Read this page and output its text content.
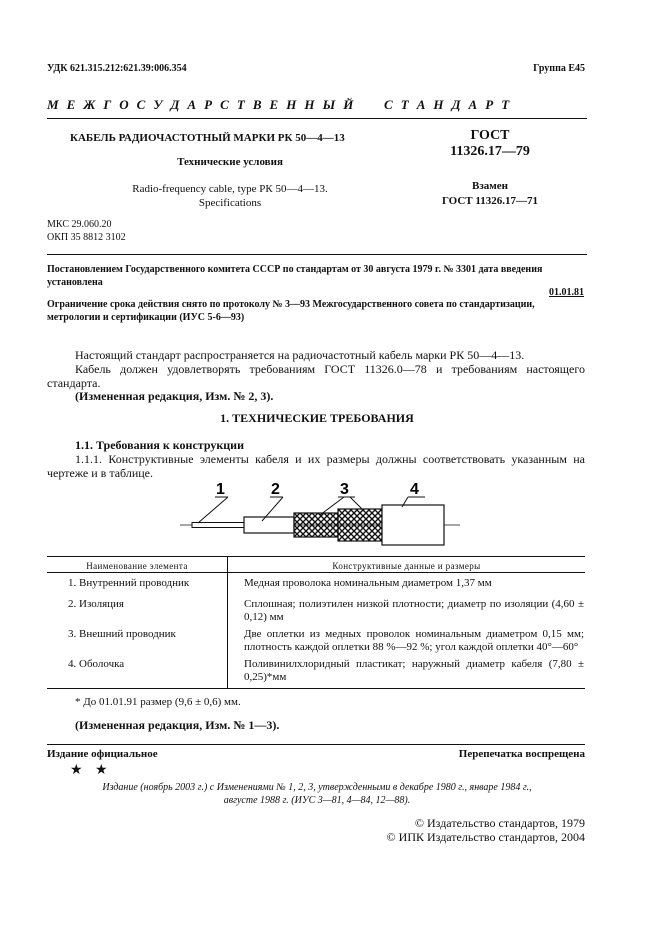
УДК 621.315.212:621.39:006.354	Группа Е45
М Е Ж Г О С У Д А Р С Т В Е Н Н Ы Й     С Т А Н Д А Р Т
КАБЕЛЬ РАДИОЧАСТОТНЫЙ МАРКИ РК 50—4—13
Технические условия
Radio-frequency cable, type РК 50—4—13.
Specifications
ГОСТ
11326.17—79
Взамен
ГОСТ 11326.17—71
МКС 29.060.20
ОКП 35 8812 3102
Постановлением Государственного комитета СССР по стандартам от 30 августа 1979 г. № 3301 дата введения установлена
01.01.81
Ограничение срока действия снято по протоколу № 3—93 Межгосударственного совета по стандартизации, метрологии и сертификации (ИУС 5-6—93)
Настоящий стандарт распространяется на радиочастотный кабель марки РК 50—4—13.
Кабель должен удовлетворять требованиям ГОСТ 11326.0—78 и требованиям настоящего стандарта.
(Измененная редакция, Изм. № 2, 3).
1. ТЕХНИЧЕСКИЕ ТРЕБОВАНИЯ
1.1. Требования к конструкции
1.1.1. Конструктивные элементы кабеля и их размеры должны соответствовать указанным на чертеже и в таблице.
1	2	3	4
Наименование элемента	Конструктивные данные и размеры
1. Внутренний проводник	Медная проволока номинальным диаметром 1,37 мм
2. Изоляция	Сплошная; полиэтилен низкой плотности; диаметр по изоляции (4,60 ± 0,12) мм
3. Внешний проводник	Две оплетки из медных проволок номинальным диаметром 0,15 мм; плотность каждой оплетки 88 %—92 %; угол каждой оплетки 40°—60°
4. Оболочка	Поливинилхлоридный пластикат; наружный диаметр кабеля (7,80 ± 0,25)*мм
* До 01.01.91 размер (9,6 ± 0,6) мм.
(Измененная редакция, Изм. № 1—3).
Издание официальное	Перепечатка воспрещена
★ ★
Издание (ноябрь 2003 г.) с Изменениями № 1, 2, 3, утвержденными в декабре 1980 г., январе 1984 г.,
августе 1988 г. (ИУС 3—81, 4—84, 12—88).
© Издательство стандартов, 1979
© ИПК Издательство стандартов, 2004
